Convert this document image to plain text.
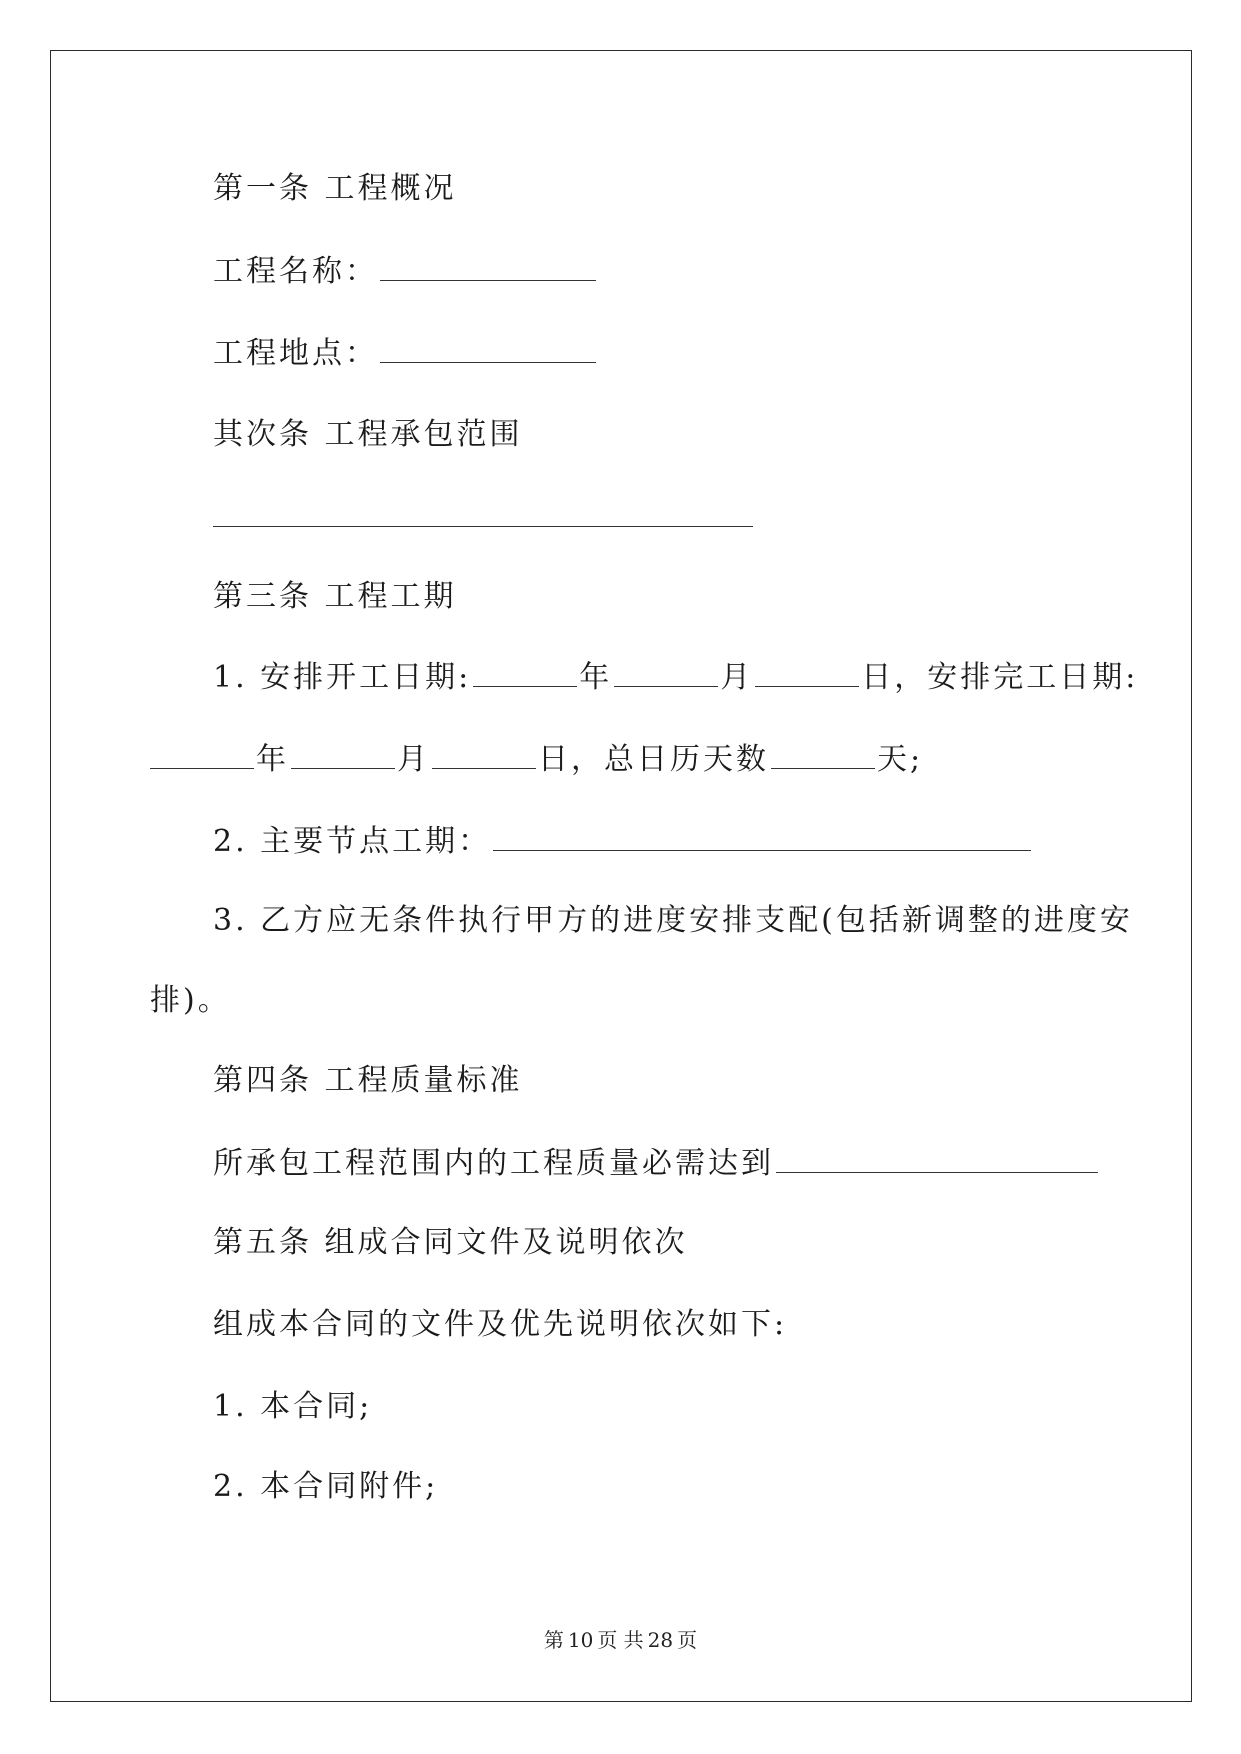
第一条 工程概况
工程名称：
工程地点：
其次条 工程承包范围
第三条 工程工期
1. 安排开工日期:	年	月	日，安排完工日期:
年	月	日，总日历天数	天;
2. 主要节点工期：
3. 乙方应无条件执行甲方的进度安排支配(包括新调整的进度安
排)。
第四条 工程质量标准
所承包工程范围内的工程质量必需达到
第五条 组成合同文件及说明依次
组成本合同的文件及优先说明依次如下:
1. 本合同;
2. 本合同附件;
第 10 页 共 28 页
